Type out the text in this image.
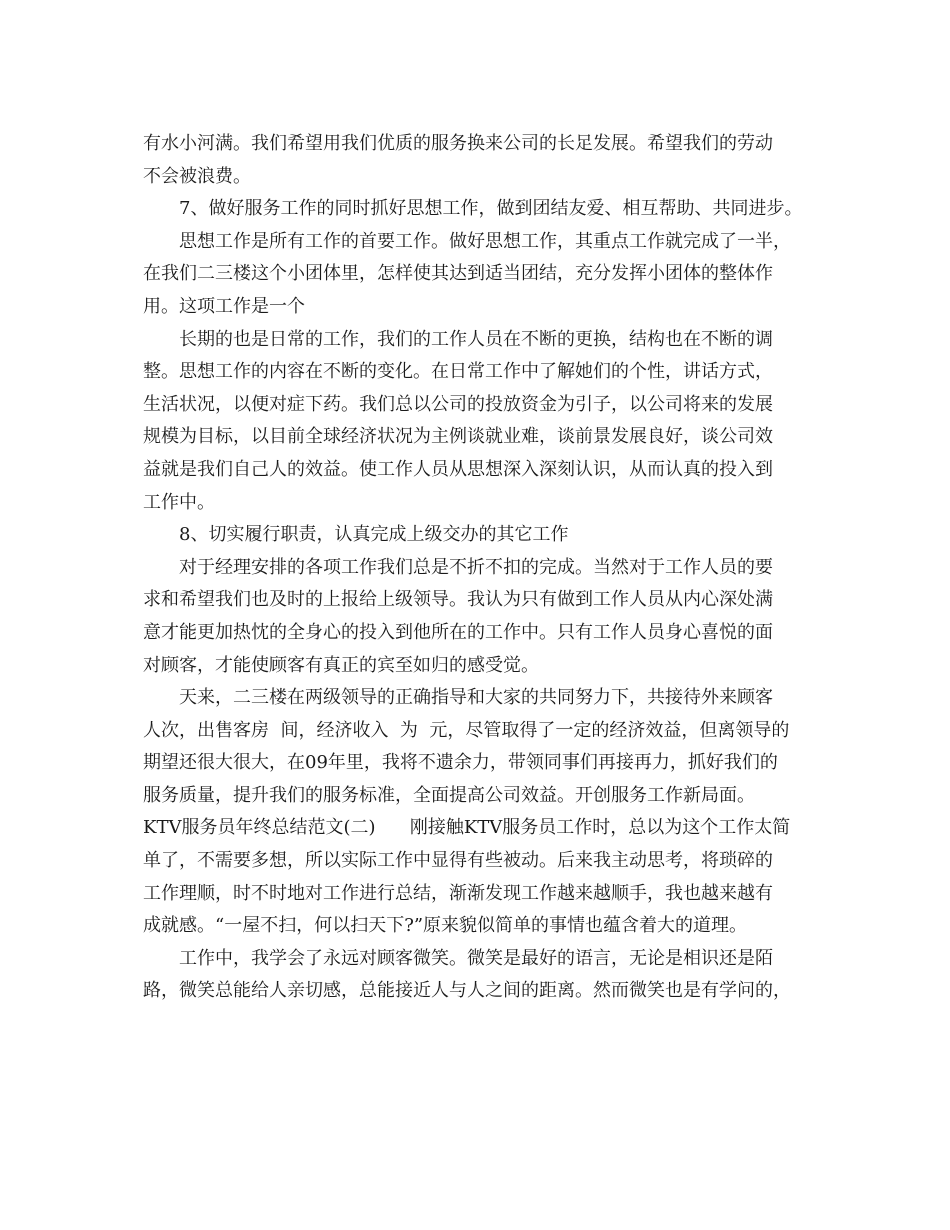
有水小河满。我们希望用我们优质的服务换来公司的长足发展。希望我们的劳动
不会被浪费。
7、做好服务工作的同时抓好思想工作，做到团结友爱、相互帮助、共同进步。
思想工作是所有工作的首要工作。做好思想工作，其重点工作就完成了一半，
在我们二三楼这个小团体里，怎样使其达到适当团结，充分发挥小团体的整体作
用。这项工作是一个
长期的也是日常的工作，我们的工作人员在不断的更换，结构也在不断的调
整。思想工作的内容在不断的变化。在日常工作中了解她们的个性，讲话方式，
生活状况，以便对症下药。我们总以公司的投放资金为引子，以公司将来的发展
规模为目标，以目前全球经济状况为主例谈就业难，谈前景发展良好，谈公司效
益就是我们自己人的效益。使工作人员从思想深入深刻认识，从而认真的投入到
工作中。
8、切实履行职责，认真完成上级交办的其它工作
对于经理安排的各项工作我们总是不折不扣的完成。当然对于工作人员的要
求和希望我们也及时的上报给上级领导。我认为只有做到工作人员从内心深处满
意才能更加热忱的全身心的投入到他所在的工作中。只有工作人员身心喜悦的面
对顾客，才能使顾客有真正的宾至如归的感受觉。
天来，二三楼在两级领导的正确指导和大家的共同努力下，共接待外来顾客
人次，出售客房  间，经济收入  为  元，尽管取得了一定的经济效益，但离领导的
期望还很大很大，在09年里，我将不遗余力，带领同事们再接再力，抓好我们的
服务质量，提升我们的服务标准，全面提高公司效益。开创服务工作新局面。
KTV服务员年终总结范文(二)      刚接触KTV服务员工作时，总以为这个工作太简
单了，不需要多想，所以实际工作中显得有些被动。后来我主动思考，将琐碎的
工作理顺，时不时地对工作进行总结，渐渐发现工作越来越顺手，我也越来越有
成就感。“一屋不扫，何以扫天下?”原来貌似简单的事情也蕴含着大的道理。
工作中，我学会了永远对顾客微笑。微笑是最好的语言，无论是相识还是陌
路，微笑总能给人亲切感，总能接近人与人之间的距离。然而微笑也是有学问的，
